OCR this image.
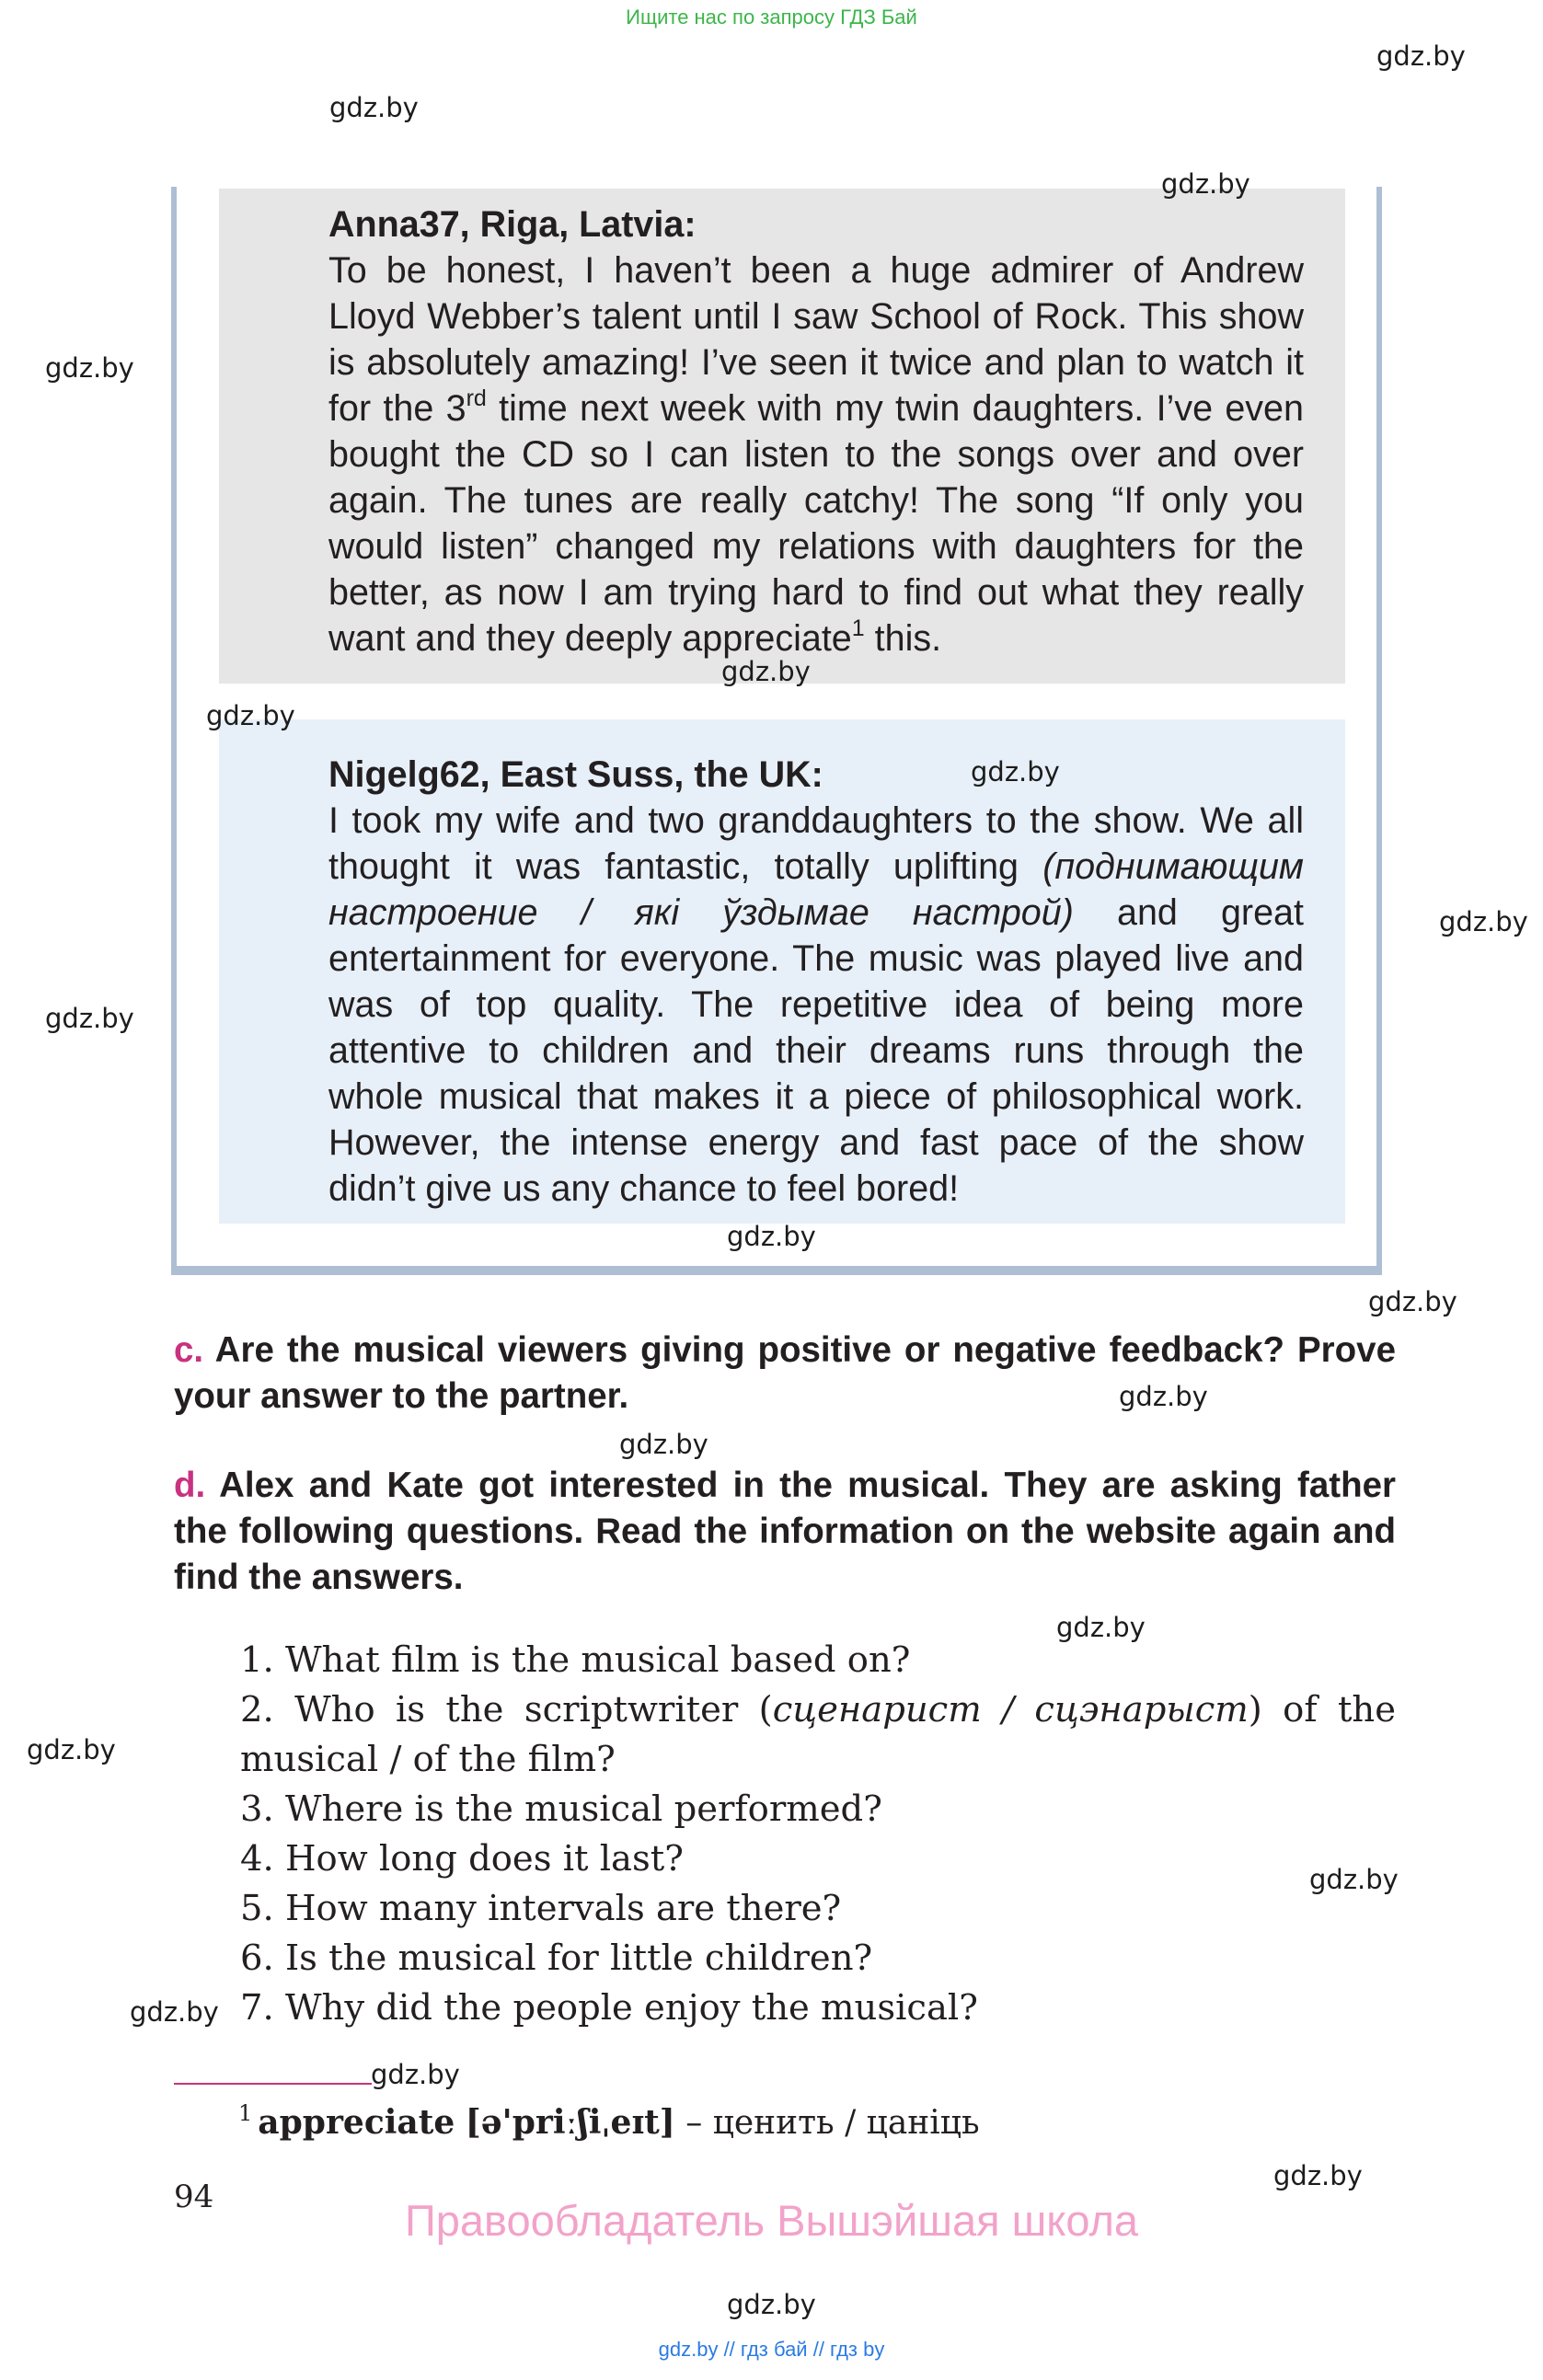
Ищите нас по запросу ГДЗ Бай
Anna37, Riga, Latvia:
To be honest, I haven’t been a huge admirer of Andrew Lloyd Webber’s talent until I saw School of Rock. This show is absolutely amazing! I’ve seen it twice and plan to watch it for the 3rd time next week with my twin daughters. I’ve even bought the CD so I can listen to the songs over and over again. The tunes are really catchy! The song “If only you would listen” changed my relations with daughters for the better, as now I am trying hard to find out what they really want and they deeply appreciate$^1$ this.
Nigelg62, East Suss, the UK:
I took my wife and two granddaughters to the show. We all thought it was fantastic, totally uplifting (поднимающим настроение / які ўздымае настрой) and great entertainment for everyone. The music was played live and was of top quality. The repetitive idea of being more attentive to children and their dreams runs through the whole musical that makes it a piece of philosophical work. However, the intense energy and fast pace of the show didn’t give us any chance to feel bored!
c. Are the musical viewers giving positive or negative feedback? Prove your answer to the partner.
d. Alex and Kate got interested in the musical. They are asking father the following questions. Read the information on the website again and find the answers.
1. What film is the musical based on?
2. Who is the scriptwriter (сценарист / сцэнарыст) of the musical / of the film?
3. Where is the musical performed?
4. How long does it last?
5. How many intervals are there?
6. Is the musical for little children?
7. Why did the people enjoy the musical?
$^1$ appreciate [ə'priːʃiˌeɪt] – ценить / цаніць
94	Правообладатель Вышэйшая школа
gdz.by // гдз бай // гдз by
gdz.by
gdz.by
gdz.by
gdz.by
gdz.by
gdz.by
gdz.by
gdz.by
gdz.by
gdz.by
gdz.by
gdz.by
gdz.by
gdz.by
gdz.by
gdz.by
gdz.by
gdz.by
gdz.by
gdz.by
